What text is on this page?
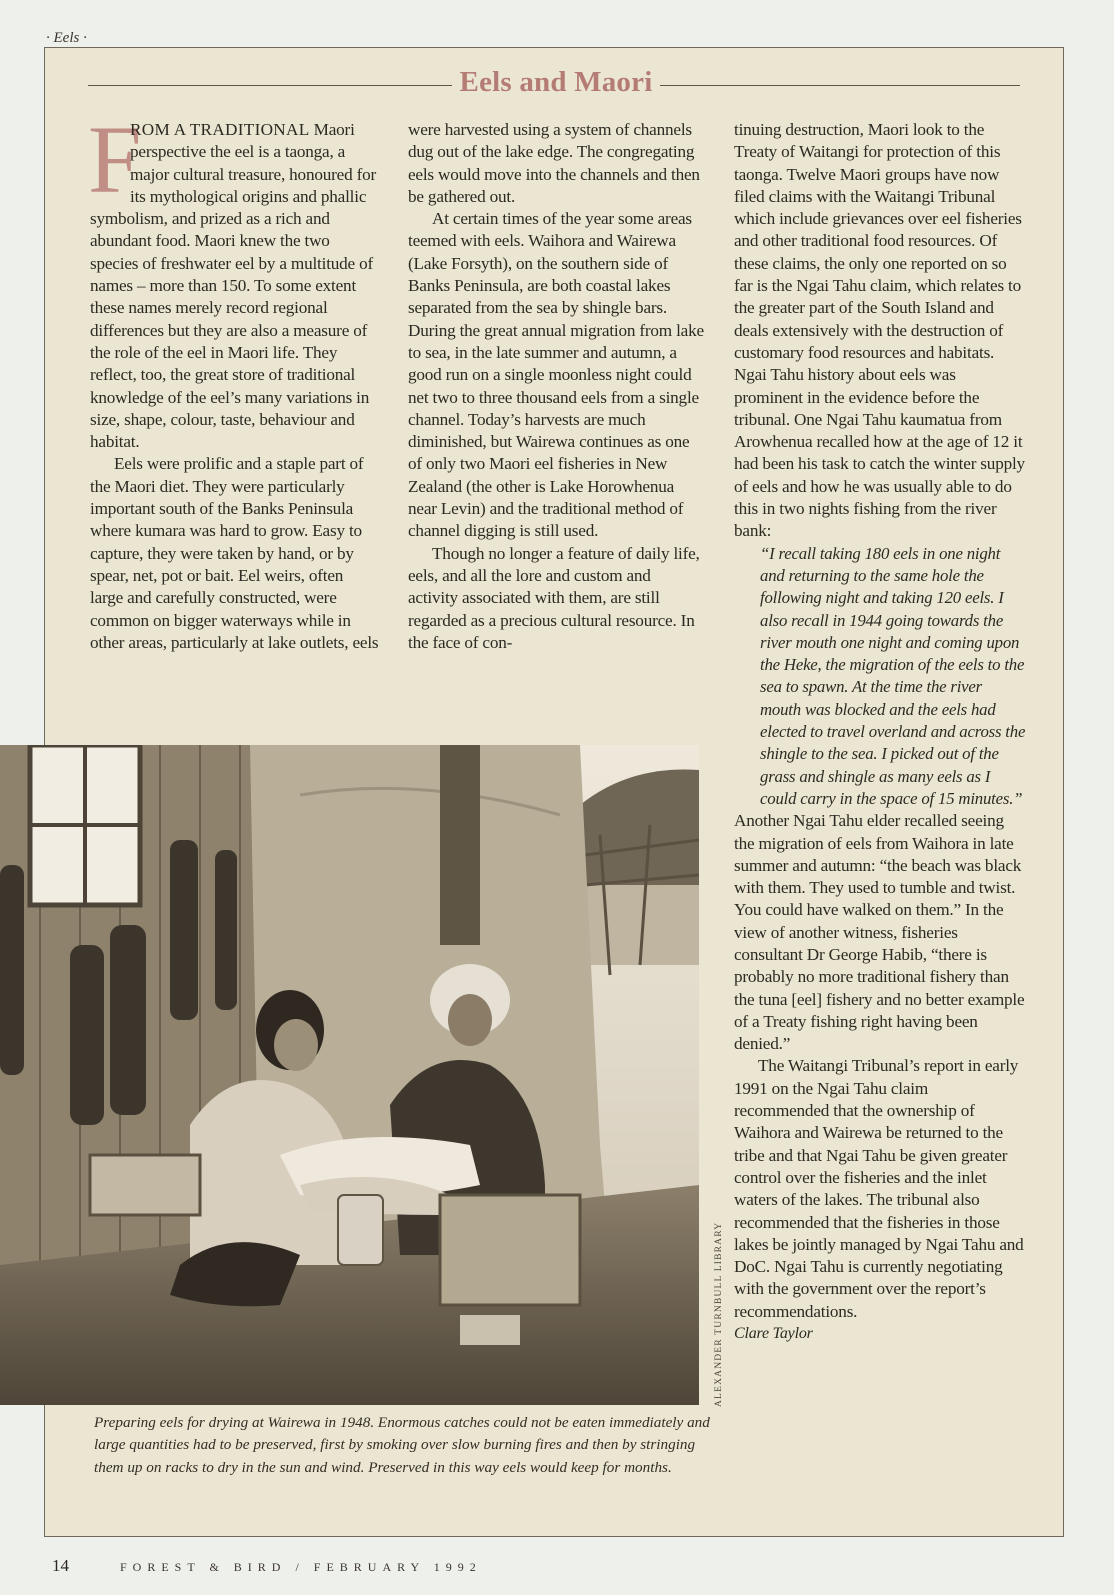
· Eels ·
Eels and Maori

F
ROM A TRADITIONAL Maori perspective the eel is a taonga, a major cultural treasure, honoured for its mythological origins and phallic symbolism, and prized as a rich and abundant food. Maori knew the two species of freshwater eel by a multitude of names – more than 150. To some extent these names merely record regional differences but they are also a measure of the role of the eel in Maori life. They reflect, too, the great store of traditional knowledge of the eel’s many variations in size, shape, colour, taste, behaviour and habitat.

Eels were prolific and a staple part of the Maori diet. They were particularly important south of the Banks Peninsula where kumara was hard to grow. Easy to capture, they were taken by hand, or by spear, net, pot or bait. Eel weirs, often large and carefully constructed, were common on bigger waterways while in other areas, particularly at lake outlets, eels

were harvested using a system of channels dug out of the lake edge. The congregating eels would move into the channels and then be gathered out.

At certain times of the year some areas teemed with eels. Waihora and Wairewa (Lake Forsyth), on the southern side of Banks Peninsula, are both coastal lakes separated from the sea by shingle bars. During the great annual migration from lake to sea, in the late summer and autumn, a good run on a single moonless night could net two to three thousand eels from a single channel. Today’s harvests are much diminished, but Wairewa continues as one of only two Maori eel fisheries in New Zealand (the other is Lake Horowhenua near Levin) and the traditional method of channel digging is still used.

Though no longer a feature of daily life, eels, and all the lore and custom and activity associated with them, are still regarded as a precious cultural resource. In the face of con-

tinuing destruction, Maori look to the Treaty of Waitangi for protection of this taonga. Twelve Maori groups have now filed claims with the Waitangi Tribunal which include grievances over eel fisheries and other traditional food resources. Of these claims, the only one reported on so far is the Ngai Tahu claim, which relates to the greater part of the South Island and deals extensively with the destruction of customary food resources and habitats. Ngai Tahu history about eels was prominent in the evidence before the tribunal. One Ngai Tahu kaumatua from Arowhenua recalled how at the age of 12 it had been his task to catch the winter supply of eels and how he was usually able to do this in two nights fishing from the river bank:

“I recall taking 180 eels in one night and returning to the same hole the following night and taking 120 eels. I also recall in 1944 going towards the river mouth one night and coming upon the Heke, the migration of the eels to the sea to spawn. At the time the river mouth was blocked and the eels had elected to travel overland and across the shingle to the sea. I picked out of the grass and shingle as many eels as I could carry in the space of 15 minutes.”

Another Ngai Tahu elder recalled seeing the migration of eels from Waihora in late summer and autumn: “the beach was black with them. They used to tumble and twist. You could have walked on them.” In the view of another witness, fisheries consultant Dr George Habib, “there is probably no more traditional fishery than the tuna [eel] fishery and no better example of a Treaty fishing right having been denied.”

The Waitangi Tribunal’s report in early 1991 on the Ngai Tahu claim recommended that the ownership of Waihora and Wairewa be returned to the tribe and that Ngai Tahu be given greater control over the fisheries and the inlet waters of the lakes. The tribunal also recommended that the fisheries in those lakes be jointly managed by Ngai Tahu and DoC. Ngai Tahu is currently negotiating with the government over the report’s recommendations.

Clare Taylor

ALEXANDER TURNBULL LIBRARY
Preparing eels for drying at Wairewa in 1948. Enormous catches could not be eaten immediately and large quantities had to be preserved, first by smoking over slow burning fires and then by stringing them up on racks to dry in the sun and wind. Preserved in this way eels would keep for months.
14	FOREST & BIRD / FEBRUARY 1992
